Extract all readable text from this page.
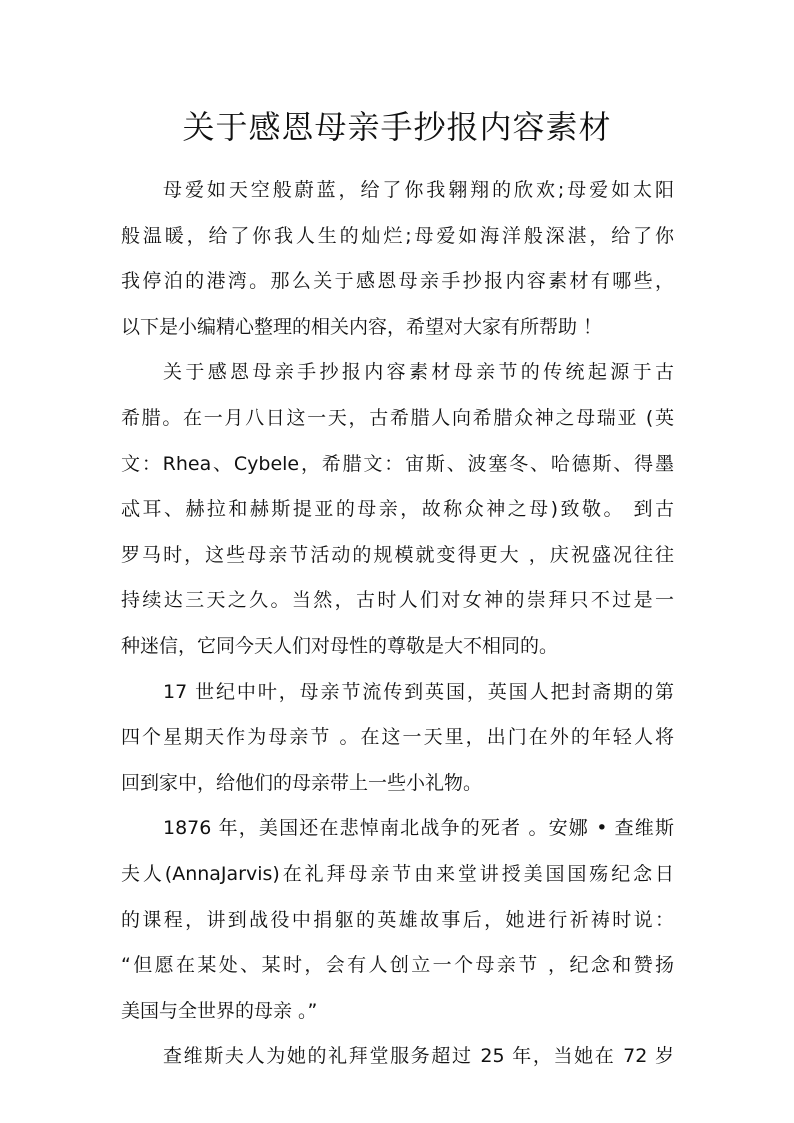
关于感恩母亲手抄报内容素材

母爱如天空般蔚蓝，给了你我翱翔的欣欢;母爱如太阳
般温暖，给了你我人生的灿烂;母爱如海洋般深湛，给了你
我停泊的港湾。那么关于感恩母亲手抄报内容素材有哪些，
以下是小编精心整理的相关内容，希望对大家有所帮助 ！

关于感恩母亲手抄报内容素材母亲节的传统起源于古
希腊。在一月八日这一天，古希腊人向希腊众神之母瑞亚 (英
文：Rhea、Cybele，希腊文：宙斯、波塞冬、哈德斯、得墨
忒耳、赫拉和赫斯提亚的母亲，故称众神之母)致敬。 到古
罗马时，这些母亲节活动的规模就变得更大 ，庆祝盛况往往
持续达三天之久。当然，古时人们对女神的崇拜只不过是一
种迷信，它同今天人们对母性的尊敬是大不相同的。

17 世纪中叶，母亲节流传到英国，英国人把封斋期的第
四个星期天作为母亲节 。在这一天里，出门在外的年轻人将
回到家中，给他们的母亲带上一些小礼物。

1876 年，美国还在悲悼南北战争的死者 。安娜 • 查维斯
夫人(AnnaJarvis)在礼拜母亲节由来堂讲授美国国殇纪念日
的课程，讲到战役中捐躯的英雄故事后，她进行祈祷时说：
“但愿在某处、某时，会有人创立一个母亲节 ，纪念和赞扬
美国与全世界的母亲 。”

查维斯夫人为她的礼拜堂服务超过 25 年，当她在 72 岁
